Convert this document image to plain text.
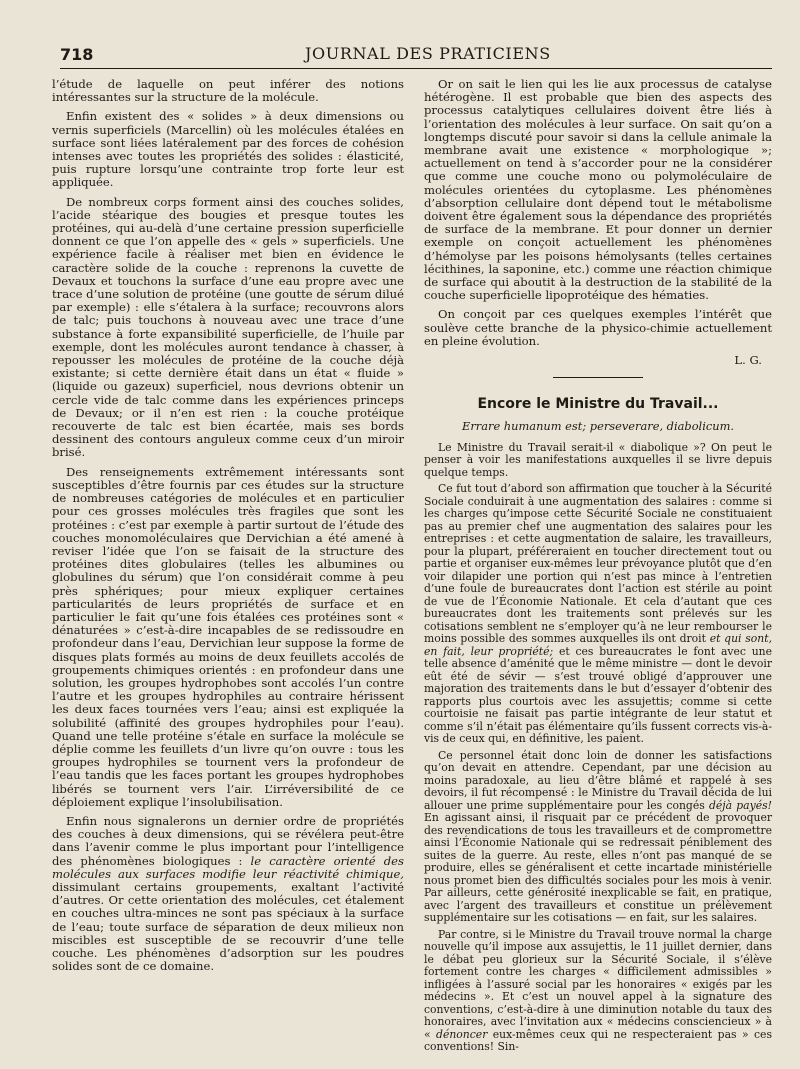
718	JOURNAL DES PRATICIENS

l’étude de laquelle on peut inférer des notions intéressantes sur la structure de la molécule.

Enfin existent des « solides » à deux dimensions ou vernis superficiels (Marcellin) où les molécules étalées en surface sont liées latéralement par des forces de cohésion intenses avec toutes les propriétés des solides : élasticité, puis rupture lorsqu’une contrainte trop forte leur est appliquée.

De nombreux corps forment ainsi des couches solides, l’acide stéarique des bougies et presque toutes les protéines, qui au-delà d’une certaine pression superficielle donnent ce que l’on appelle des « gels » superficiels. Une expérience facile à réaliser met bien en évidence le caractère solide de la couche : reprenons la cuvette de Devaux et touchons la surface d’une eau propre avec une trace d’une solution de protéine (une goutte de sérum dilué par exemple) : elle s’étalera à la surface; recouvrons alors de talc; puis touchons à nouveau avec une trace d’une substance à forte expansibilité superficielle, de l’huile par exemple, dont les molécules auront tendance à chasser, à repousser les molécules de protéine de la couche déjà existante; si cette dernière était dans un état « fluide » (liquide ou gazeux) superficiel, nous devrions obtenir un cercle vide de talc comme dans les expériences princeps de Devaux; or il n’en est rien : la couche protéique recouverte de talc est bien écartée, mais ses bords dessinent des contours anguleux comme ceux d’un miroir brisé.

Des renseignements extrêmement intéressants sont susceptibles d’être fournis par ces études sur la structure de nombreuses catégories de molécules et en particulier pour ces grosses molécules très fragiles que sont les protéines : c’est par exemple à partir surtout de l’étude des couches monomoléculaires que Dervichian a été amené à reviser l’idée que l’on se faisait de la structure des protéines dites globulaires (telles les albumines ou globulines du sérum) que l’on considérait comme à peu près sphériques; pour mieux expliquer certaines particularités de leurs propriétés de surface et en particulier le fait qu’une fois étalées ces protéines sont « dénaturées » c’est-à-dire incapables de se redissoudre en profondeur dans l’eau, Dervichian leur suppose la forme de disques plats formés au moins de deux feuillets accolés de groupements chimiques orientés : en profondeur dans une solution, les groupes hydrophobes sont accolés l’un contre l’autre et les groupes hydrophiles au contraire hérissent les deux faces tournées vers l’eau; ainsi est expliquée la solubilité (affinité des groupes hydrophiles pour l’eau). Quand une telle protéine s’étale en surface la molécule se déplie comme les feuillets d’un livre qu’on ouvre : tous les groupes hydrophiles se tournent vers la profondeur de l’eau tandis que les faces portant les groupes hydrophobes libérés se tournent vers l’air. L’irréversibilité de ce déploiement explique l’insolubilisation.

Enfin nous signalerons un dernier ordre de propriétés des couches à deux dimensions, qui se révélera peut-être dans l’avenir comme le plus important pour l’intelligence des phénomènes biologiques : le caractère orienté des molécules aux surfaces modifie leur réactivité chimique, dissimulant certains groupements, exaltant l’activité d’autres. Or cette orientation des molécules, cet étalement en couches ultra-minces ne sont pas spéciaux à la surface de l’eau; toute surface de séparation de deux milieux non miscibles est susceptible de se recouvrir d’une telle couche. Les phénomènes d’adsorption sur les poudres solides sont de ce domaine.

Or on sait le lien qui les lie aux processus de catalyse hétérogène. Il est probable que bien des aspects des processus catalytiques cellulaires doivent être liés à l’orientation des molécules à leur surface. On sait qu’on a longtemps discuté pour savoir si dans la cellule animale la membrane avait une existence « morphologique »; actuellement on tend à s’accorder pour ne la considérer que comme une couche mono ou polymoléculaire de molécules orientées du cytoplasme. Les phénomènes d’absorption cellulaire dont dépend tout le métabolisme doivent être également sous la dépendance des propriétés de surface de la membrane. Et pour donner un dernier exemple on conçoit actuellement les phénomènes d’hémolyse par les poisons hémolysants (telles certaines lécithines, la saponine, etc.) comme une réaction chimique de surface qui aboutit à la destruction de la stabilité de la couche superficielle lipoprotéique des hématies.

On conçoit par ces quelques exemples l’intérêt que soulève cette branche de la physico-chimie actuellement en pleine évolution.

L. G.
Encore le Ministre du Travail...
Errare humanum est; perseverare, diabolicum.

Le Ministre du Travail serait-il « diabolique »? On peut le penser à voir les manifestations auxquelles il se livre depuis quelque temps.

Ce fut tout d’abord son affirmation que toucher à la Sécurité Sociale conduirait à une augmentation des salaires : comme si les charges qu’impose cette Sécurité Sociale ne constituaient pas au premier chef une augmentation des salaires pour les entreprises : et cette augmentation de salaire, les travailleurs, pour la plupart, préféreraient en toucher directement tout ou partie et organiser eux-mêmes leur prévoyance plutôt que d’en voir dilapider une portion qui n’est pas mince à l’entretien d’une foule de bureaucrates dont l’action est stérile au point de vue de l’Économie Nationale. Et cela d’autant que ces bureaucrates dont les traitements sont prélevés sur les cotisations semblent ne s’employer qu’à ne leur rembourser le moins possible des sommes auxquelles ils ont droit et qui sont, en fait, leur propriété; et ces bureaucrates le font avec une telle absence d’aménité que le même ministre — dont le devoir eût été de sévir — s’est trouvé obligé d’approuver une majoration des traitements dans le but d’essayer d’obtenir des rapports plus courtois avec les assujettis; comme si cette courtoisie ne faisait pas partie intégrante de leur statut et comme s’il n’était pas élémentaire qu’ils fussent corrects vis-à-vis de ceux qui, en définitive, les paient.

Ce personnel était donc loin de donner les satisfactions qu’on devait en attendre. Cependant, par une décision au moins paradoxale, au lieu d’être blâmé et rappelé à ses devoirs, il fut récompensé : le Ministre du Travail décida de lui allouer une prime supplémentaire pour les congés déjà payés! En agissant ainsi, il risquait par ce précédent de provoquer des revendications de tous les travailleurs et de compromettre ainsi l’Économie Nationale qui se redressait péniblement des suites de la guerre. Au reste, elles n’ont pas manqué de se produire, elles se généralisent et cette incartade ministérielle nous promet bien des difficultés sociales pour les mois à venir. Par ailleurs, cette générosité inexplicable se fait, en pratique, avec l’argent des travailleurs et constitue un prélèvement supplémentaire sur les cotisations — en fait, sur les salaires.

Par contre, si le Ministre du Travail trouve normal la charge nouvelle qu’il impose aux assujettis, le 11 juillet dernier, dans le débat peu glorieux sur la Sécurité Sociale, il s’élève fortement contre les charges « difficilement admissibles » infligées à l’assuré social par les honoraires « exigés par les médecins ». Et c’est un nouvel appel à la signature des conventions, c’est-à-dire à une diminution notable du taux des honoraires, avec l’invitation aux « médecins consciencieux » à « dénoncer eux-mêmes ceux qui ne respecteraient pas » ces conventions! Sin-
